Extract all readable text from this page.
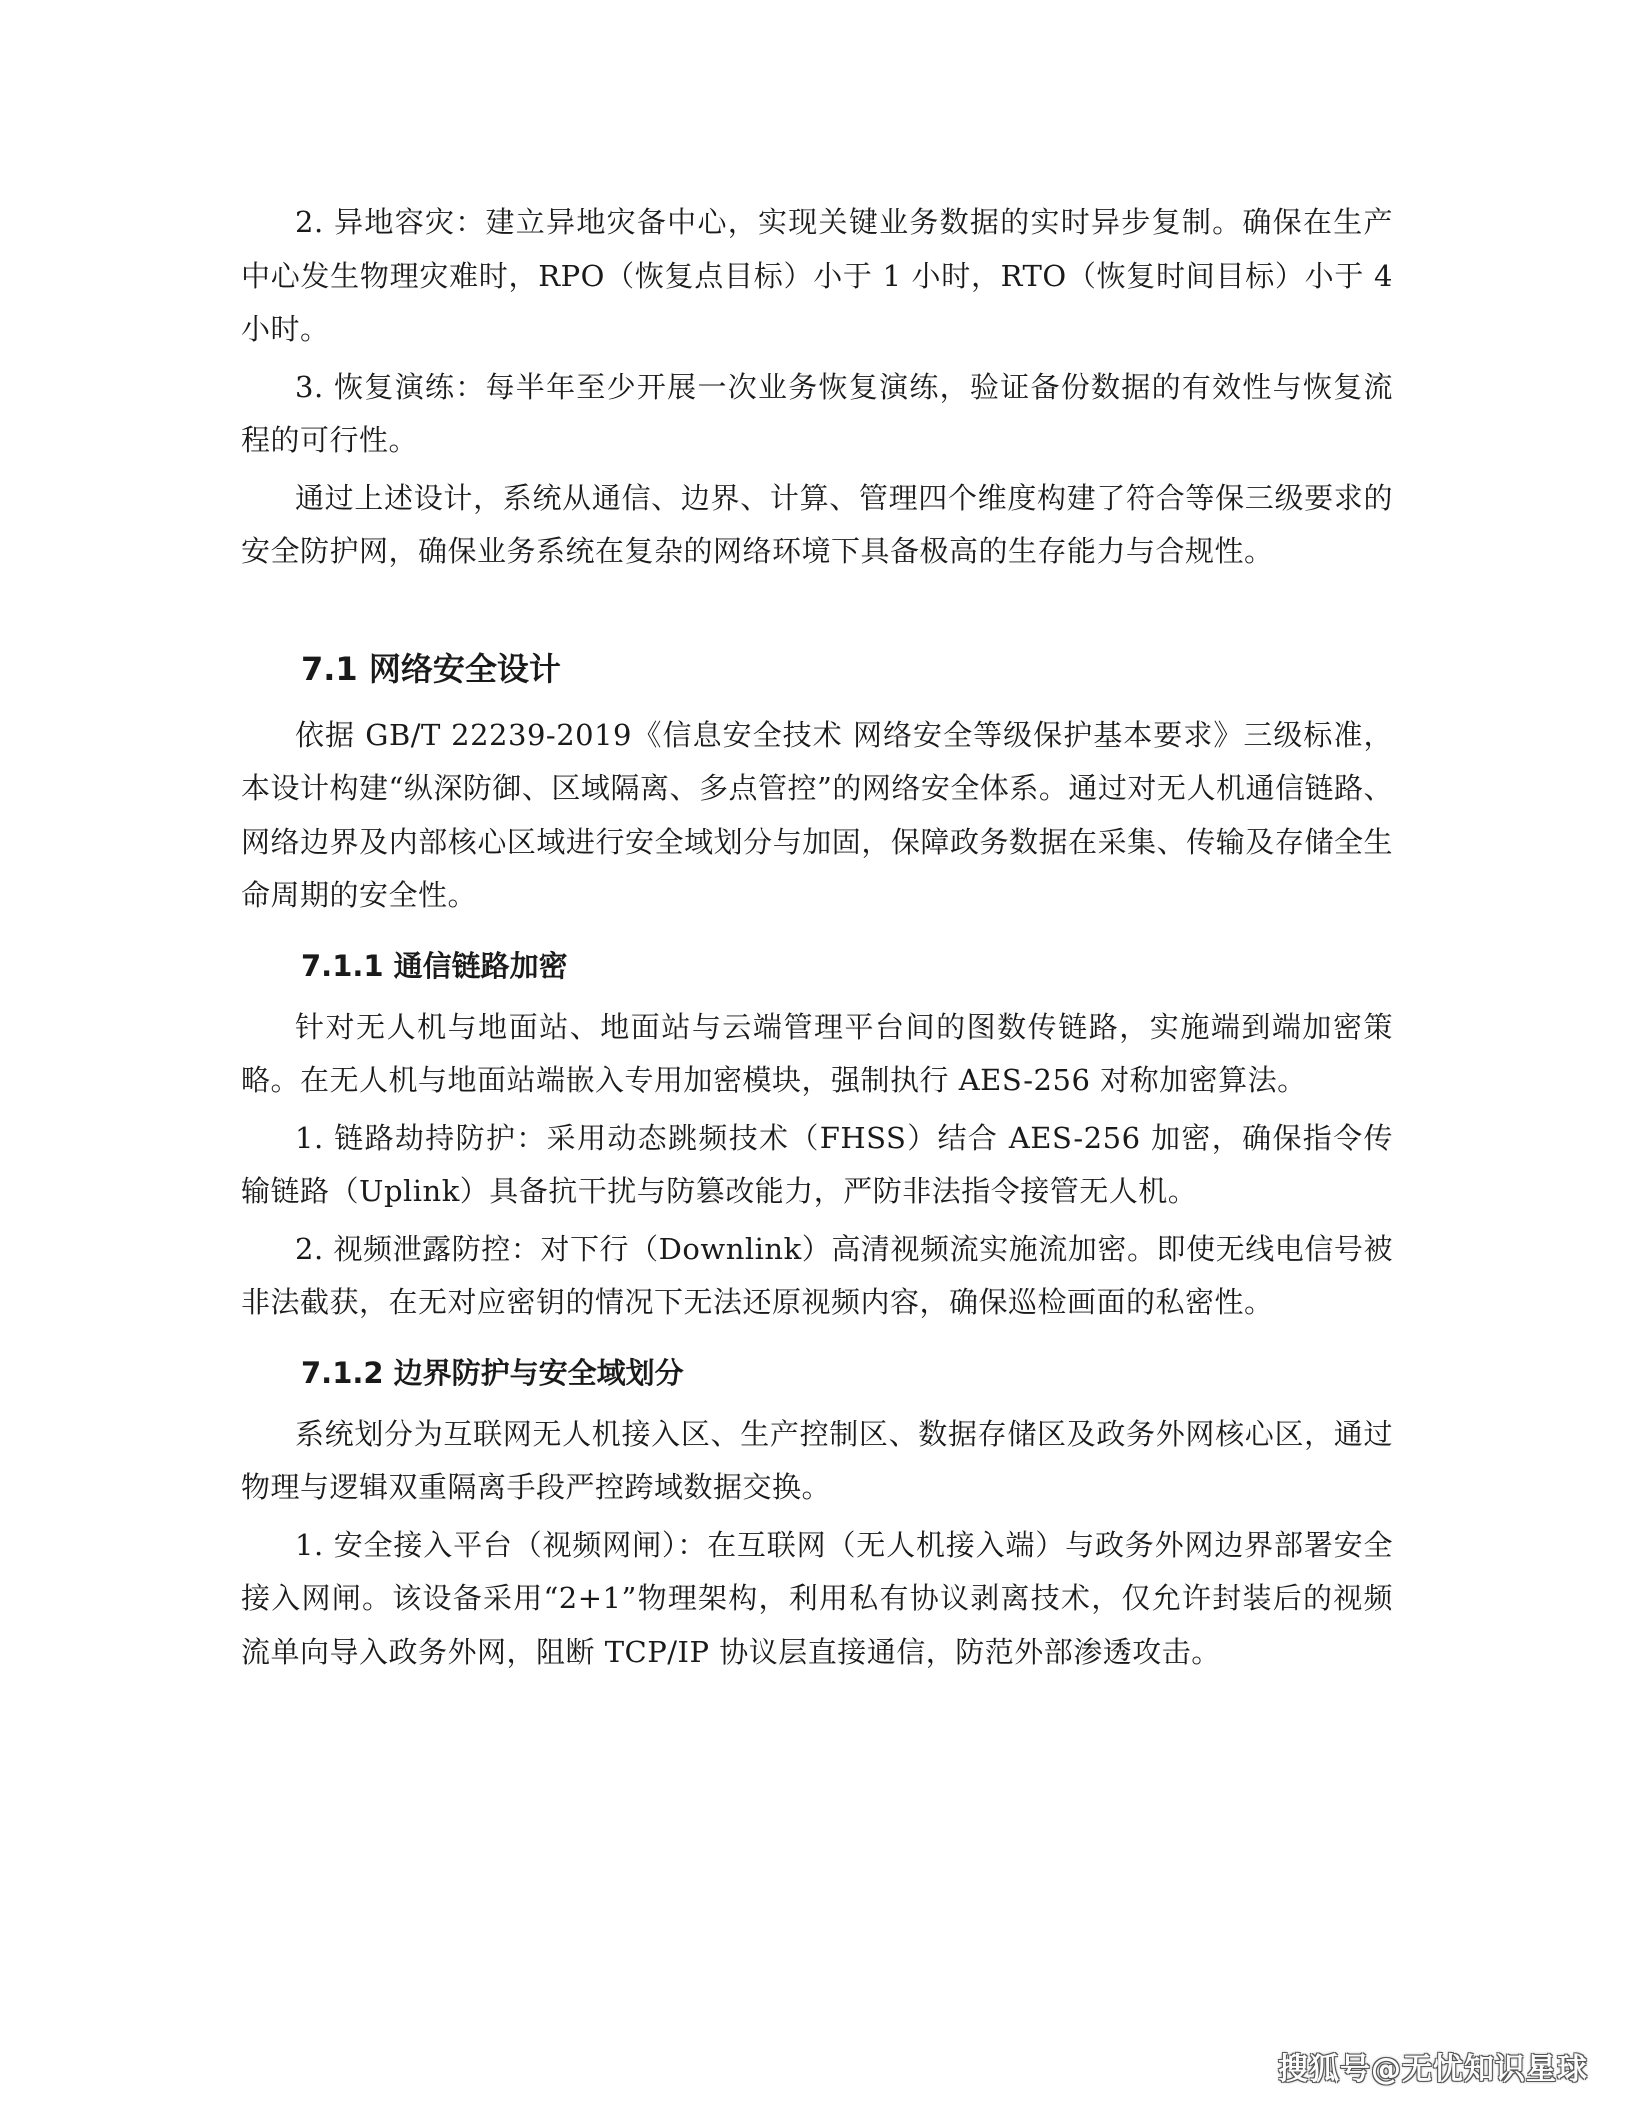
2. 异地容灾：建立异地灾备中心，实现关键业务数据的实时异步复制。确保在生产中心发生物理灾难时，RPO（恢复点目标）小于 1 小时，RTO（恢复时间目标）小于 4 小时。

3. 恢复演练：每半年至少开展一次业务恢复演练，验证备份数据的有效性与恢复流程的可行性。

通过上述设计，系统从通信、边界、计算、管理四个维度构建了符合等保三级要求的安全防护网，确保业务系统在复杂的网络环境下具备极高的生存能力与合规性。

7.1 网络安全设计

依据 GB/T 22239-2019《信息安全技术 网络安全等级保护基本要求》三级标准，本设计构建“纵深防御、区域隔离、多点管控”的网络安全体系。通过对无人机通信链路、网络边界及内部核心区域进行安全域划分与加固，保障政务数据在采集、传输及存储全生命周期的安全性。

7.1.1 通信链路加密

针对无人机与地面站、地面站与云端管理平台间的图数传链路，实施端到端加密策略。在无人机与地面站端嵌入专用加密模块，强制执行 AES-256 对称加密算法。

1. 链路劫持防护：采用动态跳频技术（FHSS）结合 AES-256 加密，确保指令传输链路（Uplink）具备抗干扰与防篡改能力，严防非法指令接管无人机。

2. 视频泄露防控：对下行（Downlink）高清视频流实施流加密。即使无线电信号被非法截获，在无对应密钥的情况下无法还原视频内容，确保巡检画面的私密性。

7.1.2 边界防护与安全域划分

系统划分为互联网无人机接入区、生产控制区、数据存储区及政务外网核心区，通过物理与逻辑双重隔离手段严控跨域数据交换。

1. 安全接入平台（视频网闸）：在互联网（无人机接入端）与政务外网边界部署安全接入网闸。该设备采用“2+1”物理架构，利用私有协议剥离技术，仅允许封装后的视频流单向导入政务外网，阻断 TCP/IP 协议层直接通信，防范外部渗透攻击。

搜狐号@无忧知识星球
